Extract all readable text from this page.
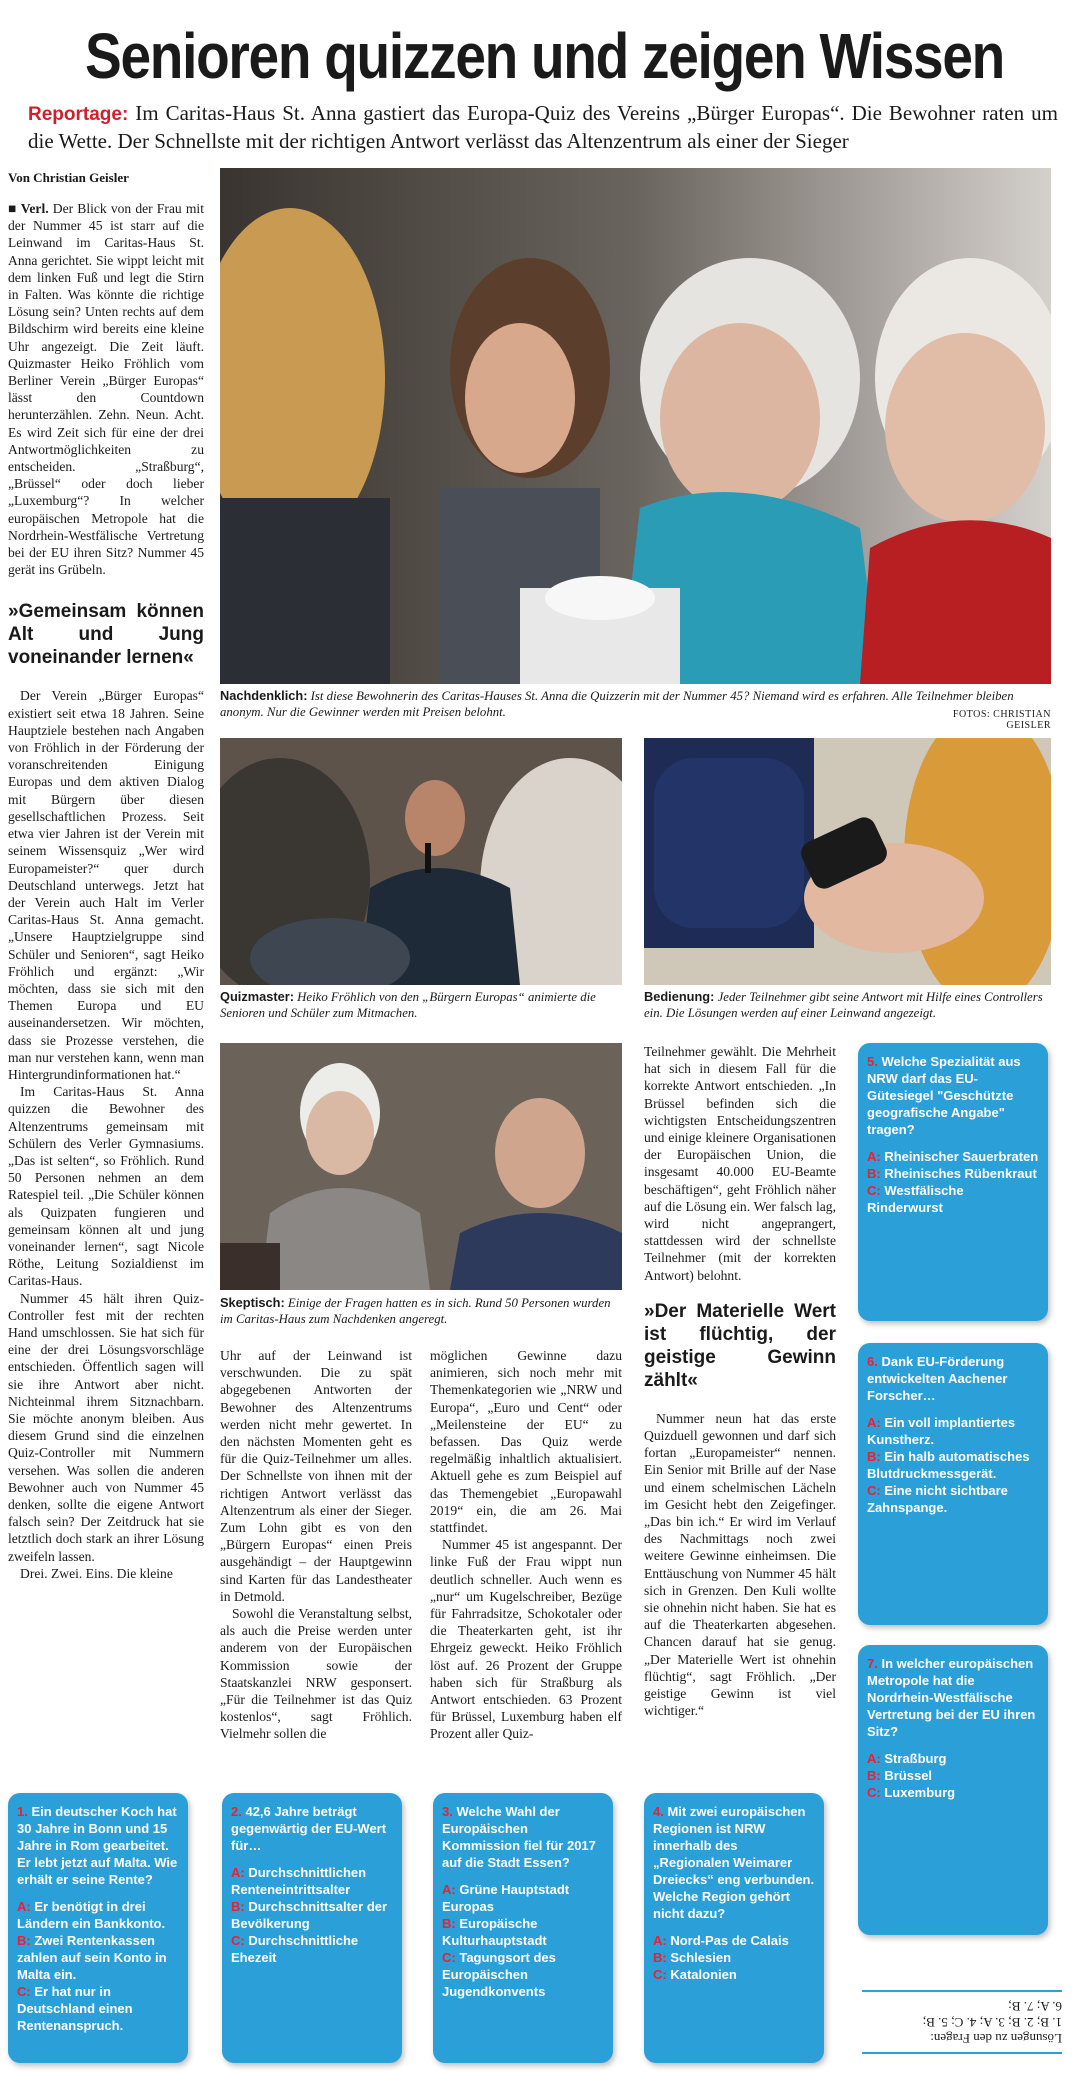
Senioren quizzen und zeigen Wissen
Reportage: Im Caritas-Haus St. Anna gastiert das Europa-Quiz des Vereins „Bürger Europas“. Die Bewohner raten um die Wette. Der Schnellste mit der richtigen Antwort verlässt das Altenzentrum als einer der Sieger
Von Christian Geisler

■ Verl. Der Blick von der Frau mit der Nummer 45 ist starr auf die Leinwand im Caritas-Haus St. Anna gerichtet. Sie wippt leicht mit dem linken Fuß und legt die Stirn in Falten. Was könnte die richtige Lösung sein? Unten rechts auf dem Bildschirm wird bereits eine kleine Uhr angezeigt. Die Zeit läuft. Quizmaster Heiko Fröhlich vom Berliner Verein „Bürger Europas“ lässt den Countdown herunterzählen. Zehn. Neun. Acht. Es wird Zeit sich für eine der drei Antwortmöglichkeiten zu entscheiden. „Straßburg“, „Brüssel“ oder doch lieber „Luxemburg“? In welcher europäischen Metropole hat die Nordrhein-Westfälische Vertretung bei der EU ihren Sitz? Nummer 45 gerät ins Grübeln.

»Gemeinsam können Alt und Jung voneinander lernen«

Der Verein „Bürger Europas“ existiert seit etwa 18 Jahren. Seine Hauptziele bestehen nach Angaben von Fröhlich in der Förderung der voranschreitenden Einigung Europas und dem aktiven Dialog mit Bürgern über diesen gesellschaftlichen Prozess. Seit etwa vier Jahren ist der Verein mit seinem Wissensquiz „Wer wird Europameister?“ quer durch Deutschland unterwegs. Jetzt hat der Verein auch Halt im Verler Caritas-Haus St. Anna gemacht. „Unsere Hauptzielgruppe sind Schüler und Senioren“, sagt Heiko Fröhlich und ergänzt: „Wir möchten, dass sie sich mit den Themen Europa und EU auseinandersetzen. Wir möchten, dass sie Prozesse verstehen, die man nur verstehen kann, wenn man Hintergrundinformationen hat.“

Im Caritas-Haus St. Anna quizzen die Bewohner des Altenzentrums gemeinsam mit Schülern des Verler Gymnasiums. „Das ist selten“, so Fröhlich. Rund 50 Personen nehmen an dem Ratespiel teil. „Die Schüler können als Quizpaten fungieren und gemeinsam können alt und jung voneinander lernen“, sagt Nicole Röthe, Leitung Sozialdienst im Caritas-Haus.

Nummer 45 hält ihren Quiz-Controller fest mit der rechten Hand umschlossen. Sie hat sich für eine der drei Lösungsvorschläge entschieden. Öffentlich sagen will sie ihre Antwort aber nicht. Nichteinmal ihrem Sitznachbarn. Sie möchte anonym bleiben. Aus diesem Grund sind die einzelnen Quiz-Controller mit Nummern versehen. Was sollen die anderen Bewohner auch von Nummer 45 denken, sollte die eigene Antwort falsch sein? Der Zeitdruck hat sie letztlich doch stark an ihrer Lösung zweifeln lassen.

Drei. Zwei. Eins. Die kleine

Nachdenklich: Ist diese Bewohnerin des Caritas-Hauses St. Anna die Quizzerin mit der Nummer 45? Niemand wird es erfahren. Alle Teilnehmer bleiben anonym. Nur die Gewinner werden mit Preisen belohnt.	FOTOS: CHRISTIAN GEISLER
Quizmaster: Heiko Fröhlich von den „Bürgern Europas“ animierte die Senioren und Schüler zum Mitmachen.
Bedienung: Jeder Teilnehmer gibt seine Antwort mit Hilfe eines Controllers ein. Die Lösungen werden auf einer Leinwand angezeigt.
Skeptisch: Einige der Fragen hatten es in sich. Rund 50 Personen wurden im Caritas-Haus zum Nachdenken angeregt.

Uhr auf der Leinwand ist verschwunden. Die zu spät abgegebenen Antworten der Bewohner des Altenzentrums werden nicht mehr gewertet. In den nächsten Momenten geht es für die Quiz-Teilnehmer um alles. Der Schnellste von ihnen mit der richtigen Antwort verlässt das Altenzentrum als einer der Sieger. Zum Lohn gibt es von den „Bürgern Europas“ einen Preis ausgehändigt – der Hauptgewinn sind Karten für das Landestheater in Detmold.

Sowohl die Veranstaltung selbst, als auch die Preise werden unter anderem von der Europäischen Kommission sowie der Staatskanzlei NRW gesponsert. „Für die Teilnehmer ist das Quiz kostenlos“, sagt Fröhlich. Vielmehr sollen die

möglichen Gewinne dazu animieren, sich noch mehr mit Themenkategorien wie „NRW und Europa“, „Euro und Cent“ oder „Meilensteine der EU“ zu befassen. Das Quiz werde regelmäßig inhaltlich aktualisiert. Aktuell gehe es zum Beispiel auf das Themengebiet „Europawahl 2019“ ein, die am 26. Mai stattfindet.

Nummer 45 ist angespannt. Der linke Fuß der Frau wippt nun deutlich schneller. Auch wenn es „nur“ um Kugelschreiber, Bezüge für Fahrradsitze, Schokotaler oder die Theaterkarten geht, ist ihr Ehrgeiz geweckt. Heiko Fröhlich löst auf. 26 Prozent der Gruppe haben sich für Straßburg als Antwort entschieden. 63 Prozent für Brüssel, Luxemburg haben elf Prozent aller Quiz-

Teilnehmer gewählt. Die Mehrheit hat sich in diesem Fall für die korrekte Antwort entschieden. „In Brüssel befinden sich die wichtigsten Entscheidungszentren und einige kleinere Organisationen der Europäischen Union, die insgesamt 40.000 EU-Beamte beschäftigen“, geht Fröhlich näher auf die Lösung ein. Wer falsch lag, wird nicht angeprangert, stattdessen wird der schnellste Teilnehmer (mit der korrekten Antwort) belohnt.

»Der Materielle Wert ist flüchtig, der geistige Gewinn zählt«

Nummer neun hat das erste Quizduell gewonnen und darf sich fortan „Europameister“ nennen. Ein Senior mit Brille auf der Nase und einem schelmischen Lächeln im Gesicht hebt den Zeigefinger. „Das bin ich.“ Er wird im Verlauf des Nachmittags noch zwei weitere Gewinne einheimsen. Die Enttäuschung von Nummer 45 hält sich in Grenzen. Den Kuli wollte sie ohnehin nicht haben. Sie hat es auf die Theaterkarten abgesehen. Chancen darauf hat sie genug. „Der Materielle Wert ist ohnehin flüchtig“, sagt Fröhlich. „Der geistige Gewinn ist viel wichtiger.“

5. Welche Spezialität aus NRW darf das EU-Gütesiegel "Geschützte geografische Angabe" tragen?
A: Rheinischer Sauerbraten
B: Rheinisches Rübenkraut
C: Westfälische Rinderwurst
6. Dank EU-Förderung entwickelten Aachener Forscher…
A: Ein voll implantiertes Kunstherz.
B: Ein halb automatisches Blutdruckmessgerät.
C: Eine nicht sichtbare Zahnspange.
7. In welcher europäischen Metropole hat die Nordrhein-Westfälische Vertretung bei der EU ihren Sitz?
A: Straßburg
B: Brüssel
C: Luxemburg
1. Ein deutscher Koch hat 30 Jahre in Bonn und 15 Jahre in Rom gearbeitet. Er lebt jetzt auf Malta. Wie erhält er seine Rente?
A: Er benötigt in drei Ländern ein Bankkonto.
B: Zwei Rentenkassen zahlen auf sein Konto in Malta ein.
C: Er hat nur in Deutschland einen Rentenanspruch.
2. 42,6 Jahre beträgt gegenwärtig der EU-Wert für…
A: Durchschnittlichen Renteneintrittsalter
B: Durchschnittsalter der Bevölkerung
C: Durchschnittliche Ehezeit
3. Welche Wahl der Europäischen Kommission fiel für 2017 auf die Stadt Essen?
A: Grüne Hauptstadt Europas
B: Europäische Kulturhauptstadt
C: Tagungsort des Europäischen Jugendkonvents
4. Mit zwei europäischen Regionen ist NRW innerhalb des „Regionalen Weimarer Dreiecks“ eng verbunden. Welche Region gehört nicht dazu?
A: Nord-Pas de Calais
B: Schlesien
C: Katalonien
Lösungen zu den Fragen:
1. B; 2. B; 3. A; 4. C; 5. B;
6. A; 7. B;
